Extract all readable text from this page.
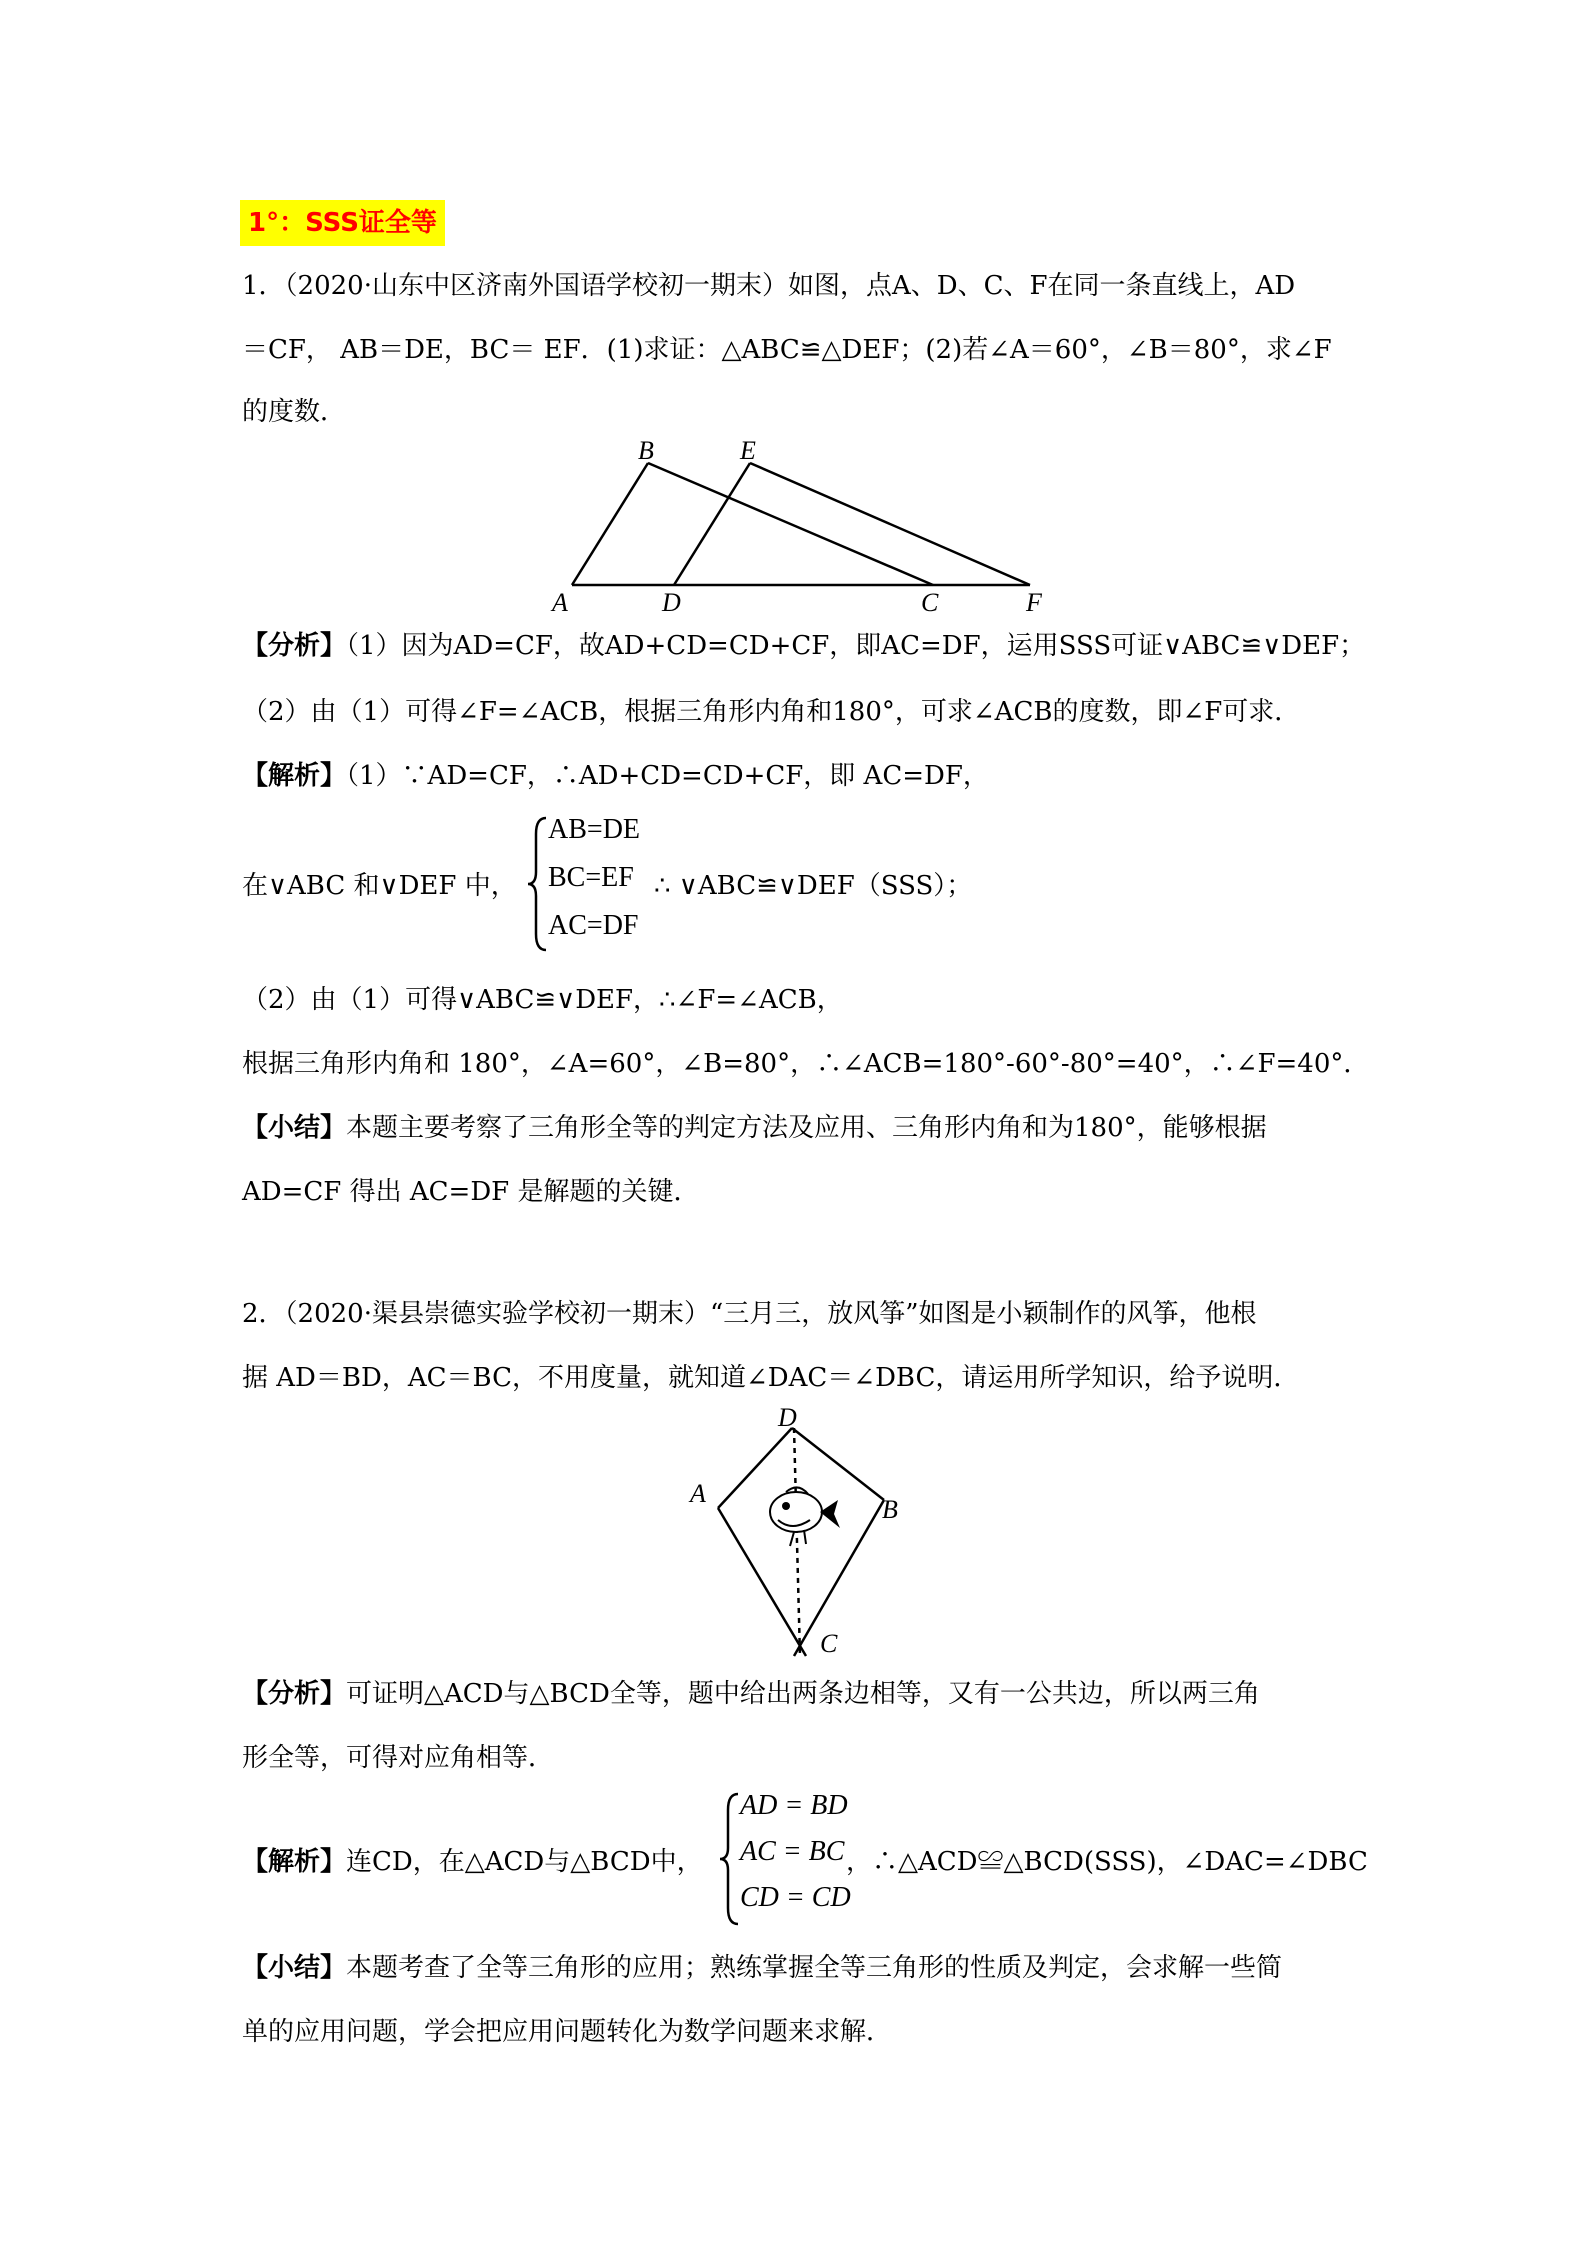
1°：SSS证全等
1．（2020·山东中区济南外国语学校初一期末）如图，点A、D、C、F在同一条直线上，AD
＝CF， AB＝DE，BC＝ EF．(1)求证：△ABC≌△DEF；(2)若∠A＝60°，∠B＝80°，求∠F
的度数．
B	E
A	D	C	F
【分析】（1）因为AD=CF，故AD+CD=CD+CF，即AC=DF，运用SSS可证∨ABC≌∨DEF；
（2）由（1）可得∠F=∠ACB，根据三角形内角和180°，可求∠ACB的度数，即∠F可求．
【解析】（1）∵AD=CF，∴AD+CD=CD+CF，即 AC=DF，
在∨ABC 和∨DEF 中，
AB=DE
BC=EF
AC=DF
∴ ∨ABC≌∨DEF（SSS）；
（2）由（1）可得∨ABC≌∨DEF，∴∠F=∠ACB，
根据三角形内角和 180°，∠A=60°，∠B=80°，∴∠ACB=180°-60°-80°=40°，∴∠F=40°．
【小结】本题主要考察了三角形全等的判定方法及应用、三角形内角和为180°，能够根据
AD=CF 得出 AC=DF 是解题的关键．
2．（2020·渠县崇德实验学校初一期末）“三月三，放风筝”如图是小颖制作的风筝，他根
据 AD＝BD，AC＝BC，不用度量，就知道∠DAC＝∠DBC，请运用所学知识，给予说明．
D
A
B
C
【分析】可证明△ACD与△BCD全等，题中给出两条边相等，又有一公共边，所以两三角
形全等，可得对应角相等．
【解析】连CD，在△ACD与△BCD中，
AD = BD
AC = BC
CD = CD
，∴△ACD≌△BCD(SSS)，∠DAC=∠DBC
【小结】本题考查了全等三角形的应用；熟练掌握全等三角形的性质及判定，会求解一些简
单的应用问题，学会把应用问题转化为数学问题来求解．
